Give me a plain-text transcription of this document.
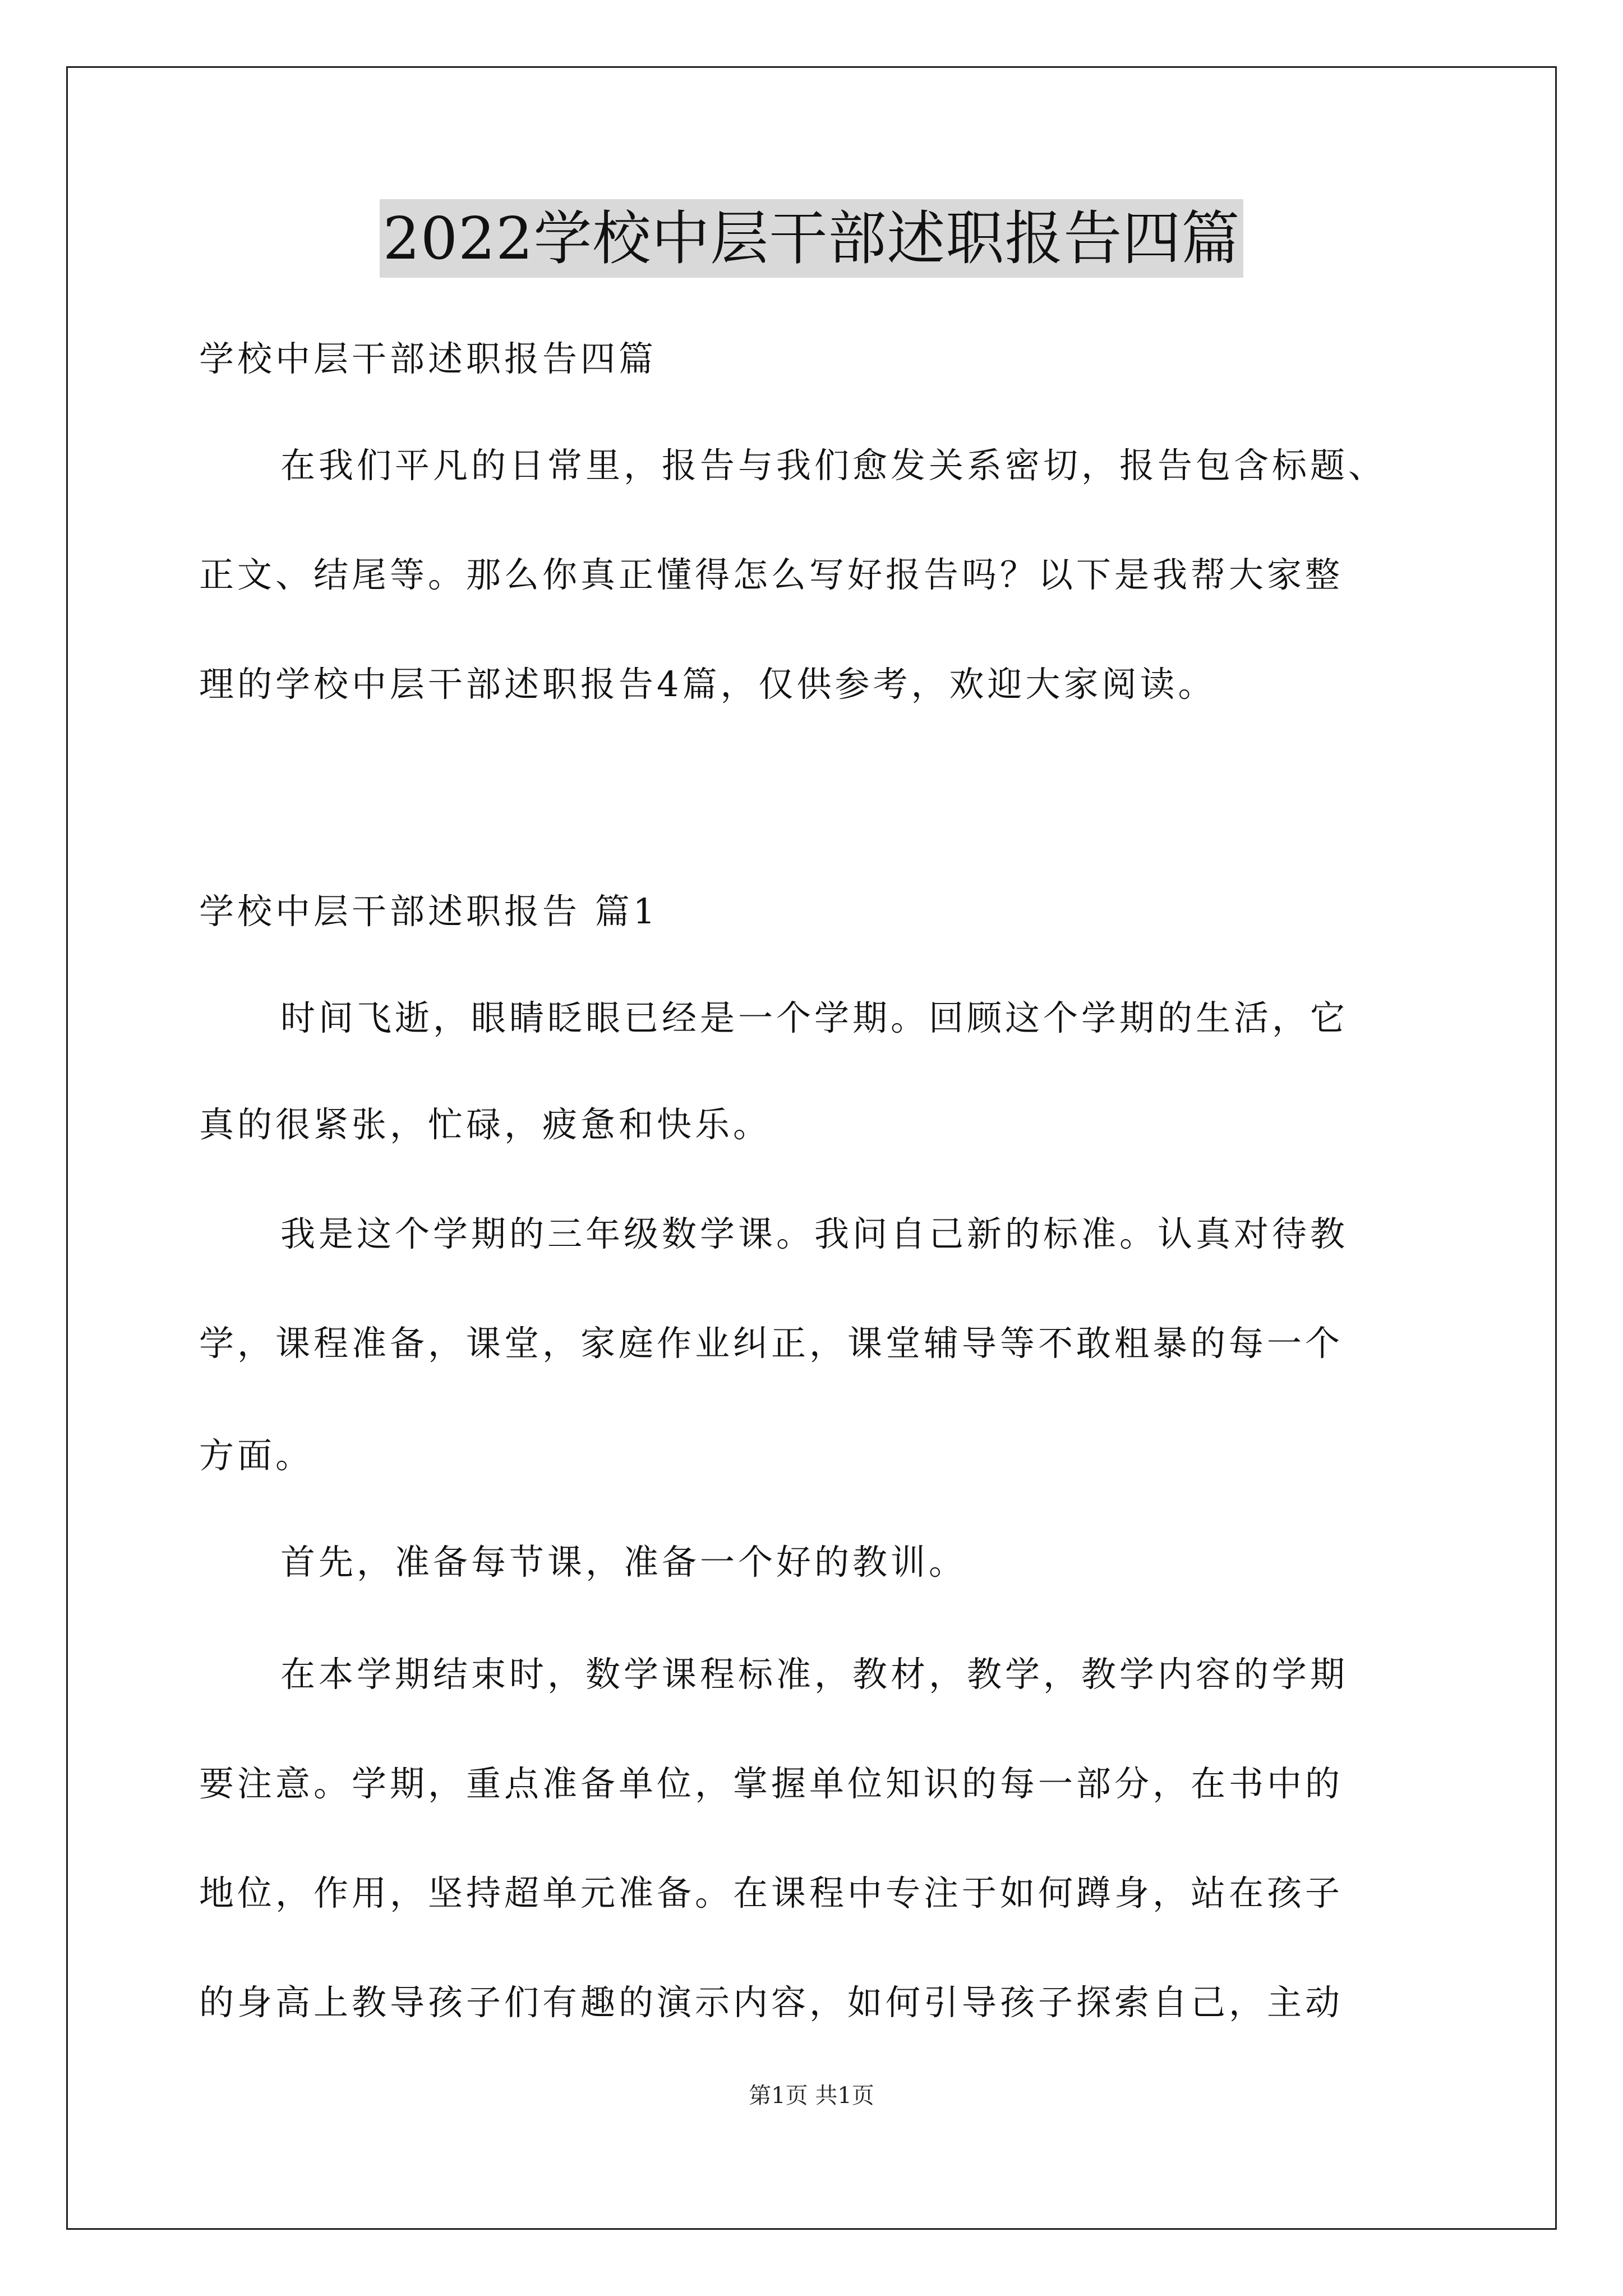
2022学校中层干部述职报告四篇
学校中层干部述职报告四篇
在我们平凡的日常里，报告与我们愈发关系密切，报告包含标题、
正文、结尾等。那么你真正懂得怎么写好报告吗？以下是我帮大家整
理的学校中层干部述职报告4篇，仅供参考，欢迎大家阅读。
学校中层干部述职报告 篇1
时间飞逝，眼睛眨眼已经是一个学期。回顾这个学期的生活，它
真的很紧张，忙碌，疲惫和快乐。
我是这个学期的三年级数学课。我问自己新的标准。认真对待教
学，课程准备，课堂，家庭作业纠正，课堂辅导等不敢粗暴的每一个
方面。
首先，准备每节课，准备一个好的教训。
在本学期结束时，数学课程标准，教材，教学，教学内容的学期
要注意。学期，重点准备单位，掌握单位知识的每一部分，在书中的
地位，作用，坚持超单元准备。在课程中专注于如何蹲身，站在孩子
的身高上教导孩子们有趣的演示内容，如何引导孩子探索自己，主动
第1页 共1页
